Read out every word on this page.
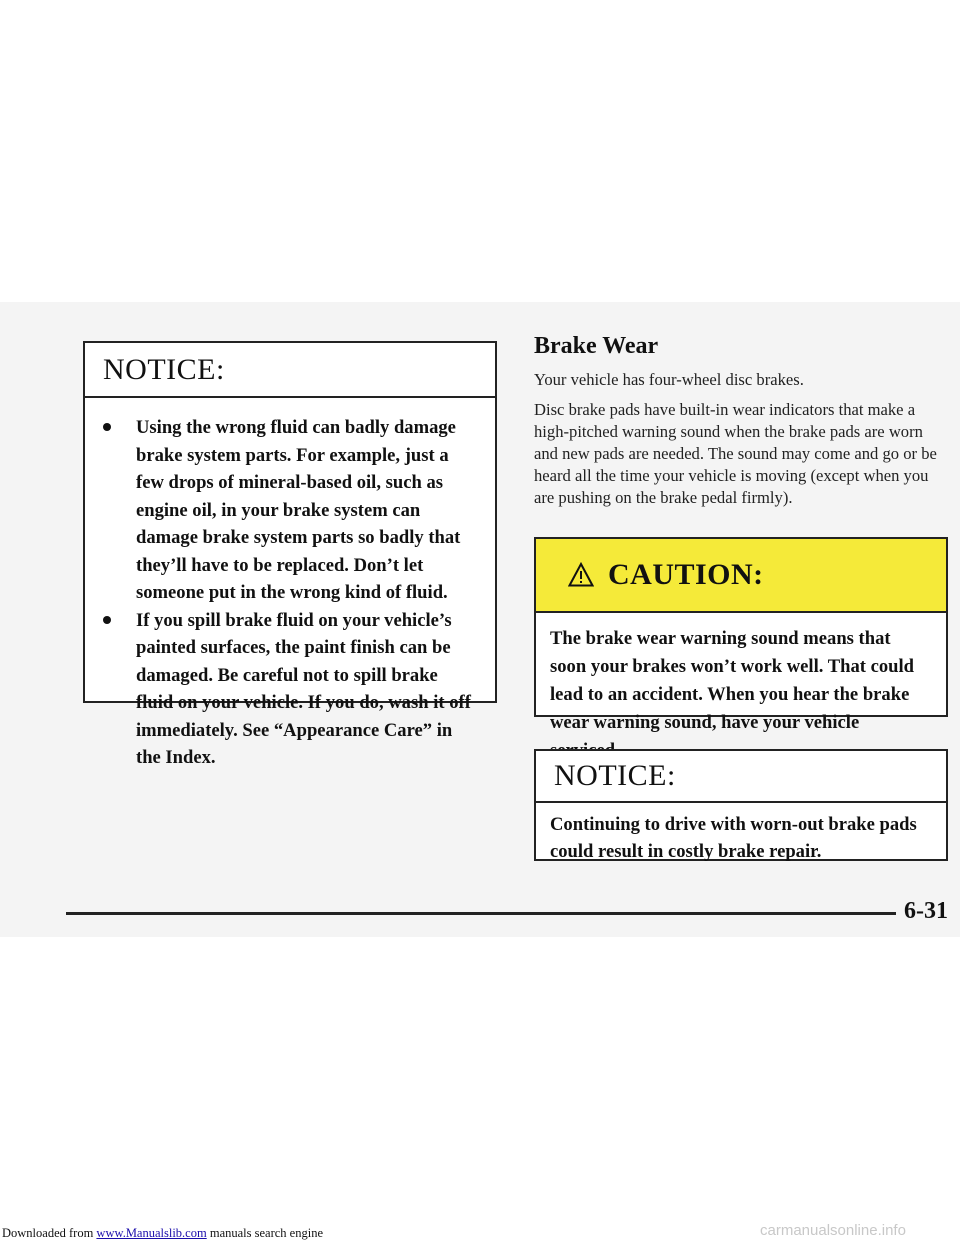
NOTICE:
Using the wrong fluid can badly damage brake system parts. For example, just a few drops of mineral-based oil, such as engine oil, in your brake system can damage brake system parts so badly that they’ll have to be replaced. Don’t let someone put in the wrong kind of fluid.
If you spill brake fluid on your vehicle’s painted surfaces, the paint finish can be damaged. Be careful not to spill brake fluid on your vehicle. If you do, wash it off immediately. See “Appearance Care” in the Index.
Brake Wear
Your vehicle has four-wheel disc brakes.
Disc brake pads have built-in wear indicators that make a high-pitched warning sound when the brake pads are worn and new pads are needed. The sound may come and go or be heard all the time your vehicle is moving (except when you are pushing on the brake pedal firmly).
CAUTION:
The brake wear warning sound means that soon your brakes won’t work well. That could lead to an accident. When you hear the brake wear warning sound, have your vehicle
NOTICE:
Continuing to drive with worn-out brake pads could result in costly brake repair.
6-31
Downloaded from www.Manualslib.com manuals search engine	carmanualsonline.info
